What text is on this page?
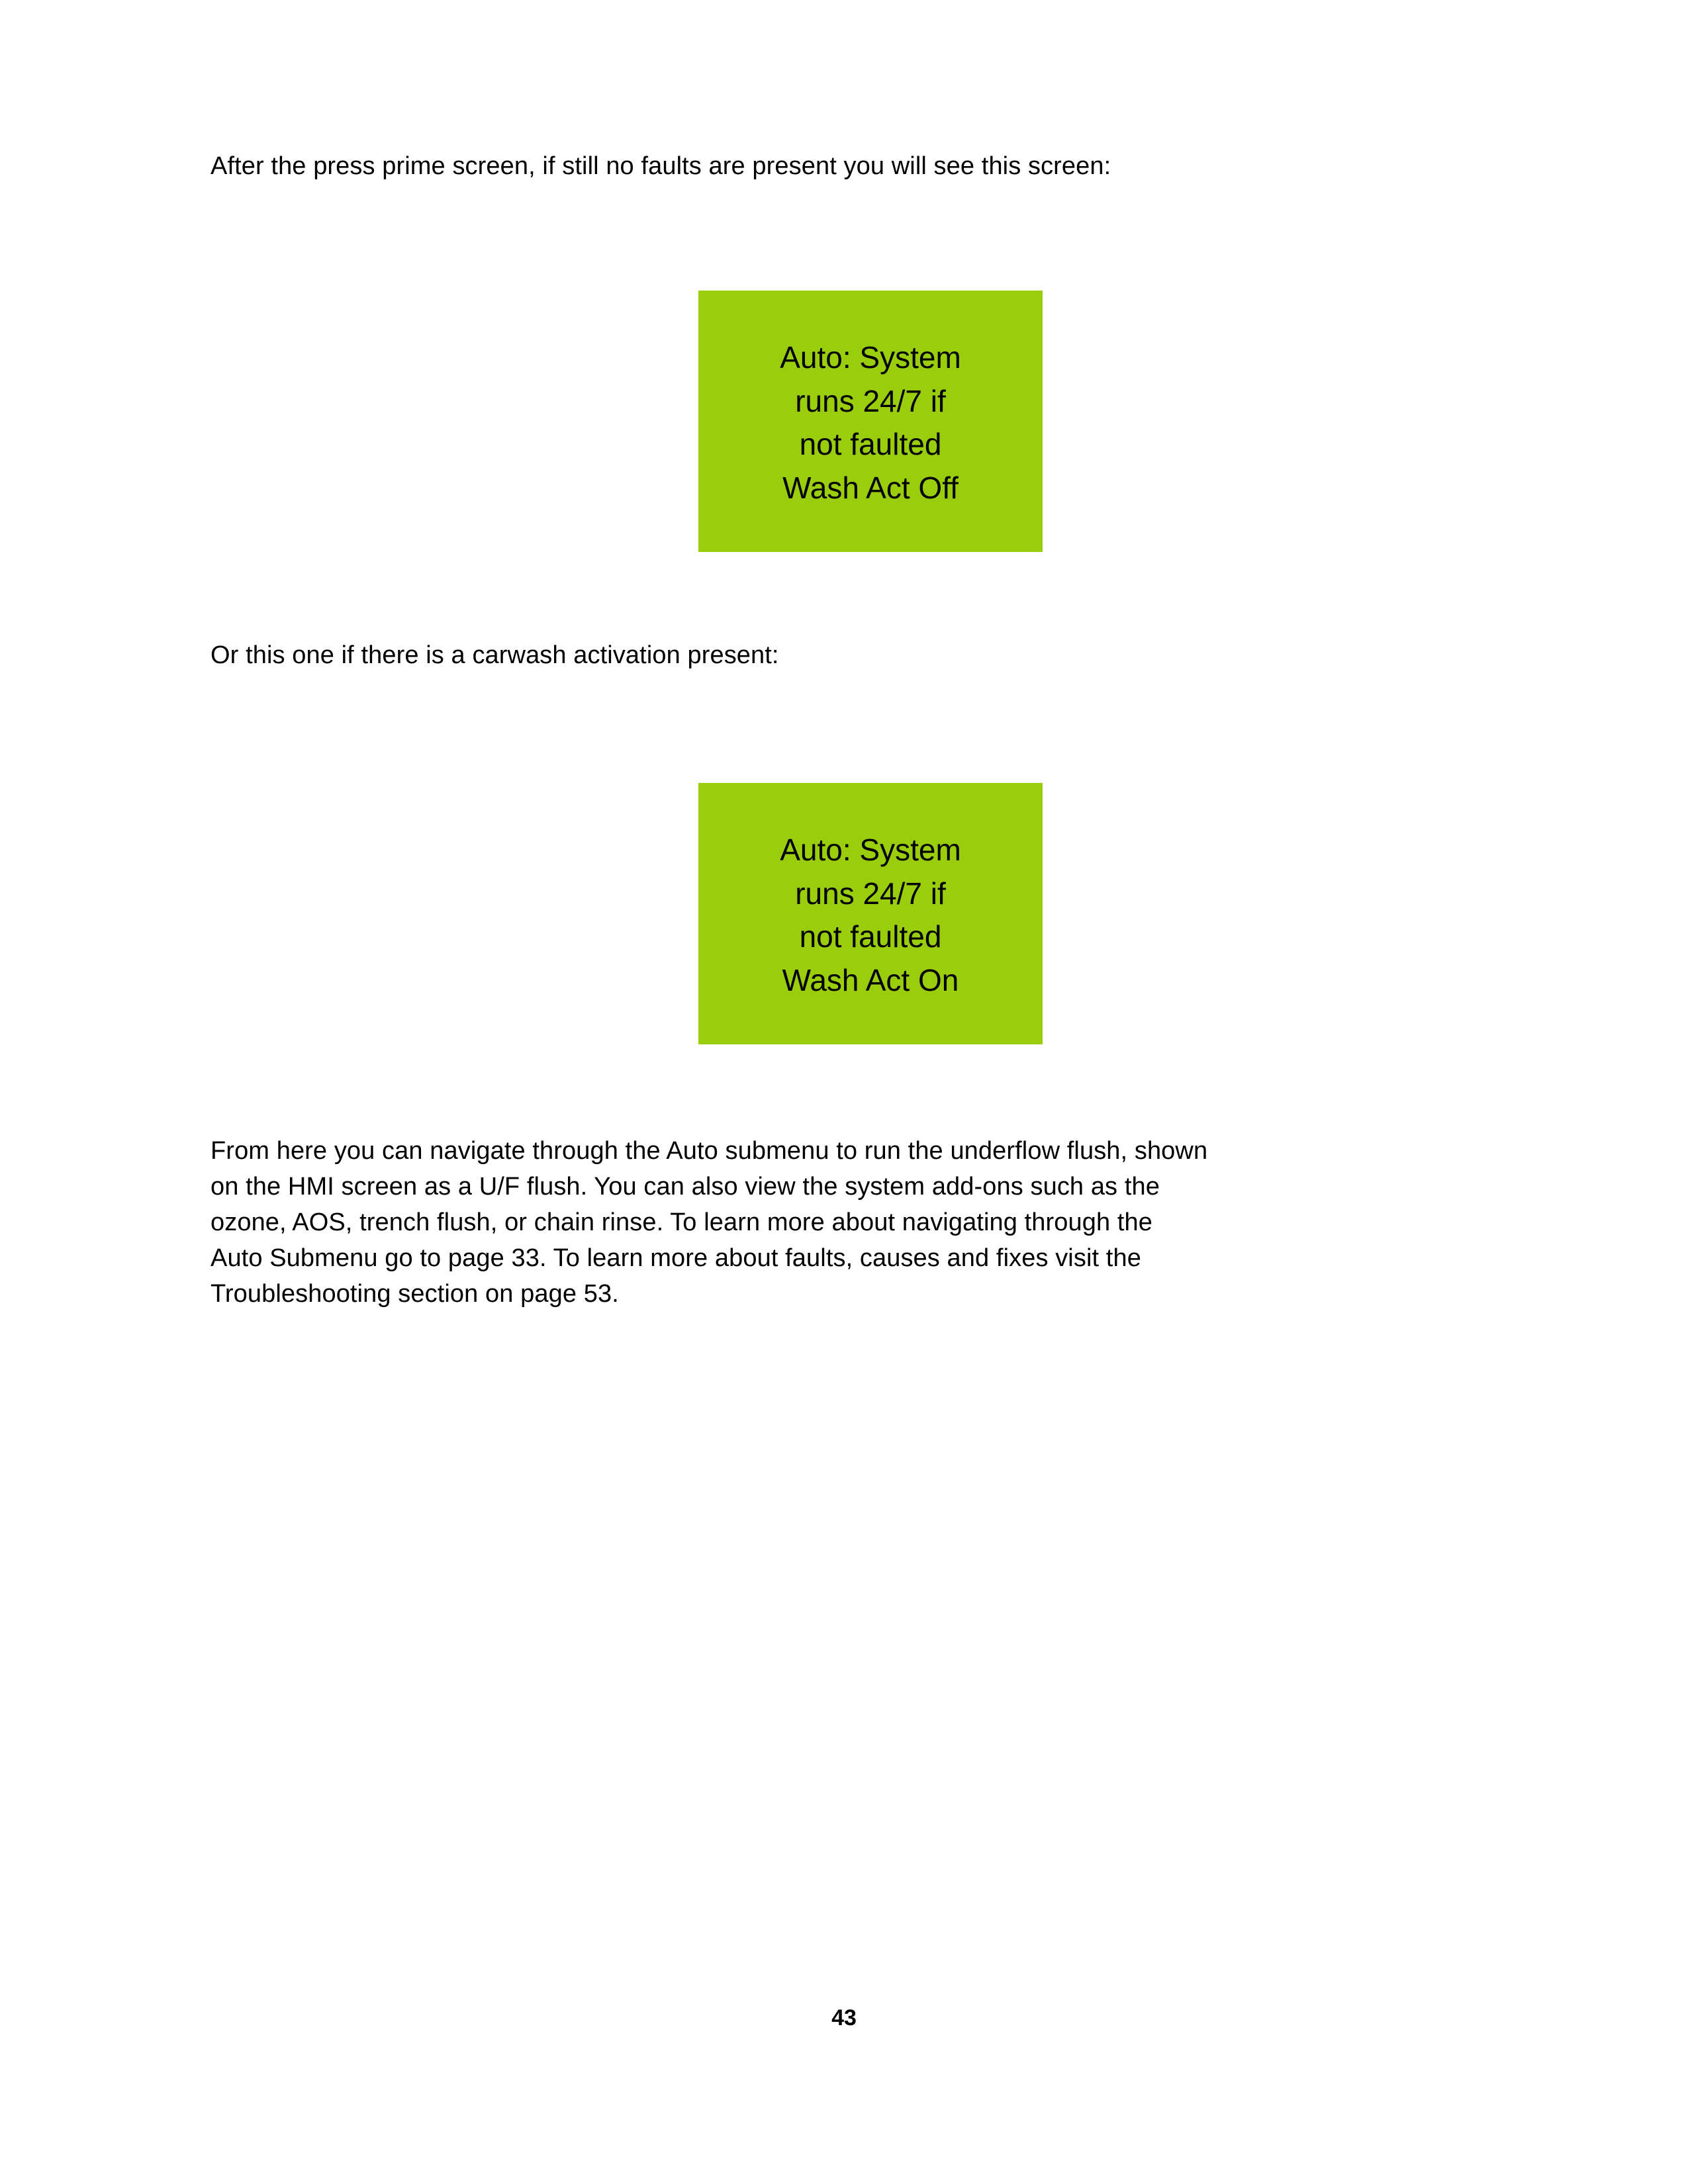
After the press prime screen, if still no faults are present you will see this screen:

Auto: System
runs 24/7 if
not faulted
Wash Act Off

Or this one if there is a carwash activation present:

Auto: System
runs 24/7 if
not faulted
Wash Act On

From here you can navigate through the Auto submenu to run the underflow flush, shown

on the HMI screen as a U/F flush. You can also view the system add-ons such as the

ozone, AOS, trench flush, or chain rinse. To learn more about navigating through the

Auto Submenu go to page 33. To learn more about faults, causes and fixes visit the

Troubleshooting section on page 53.

43
